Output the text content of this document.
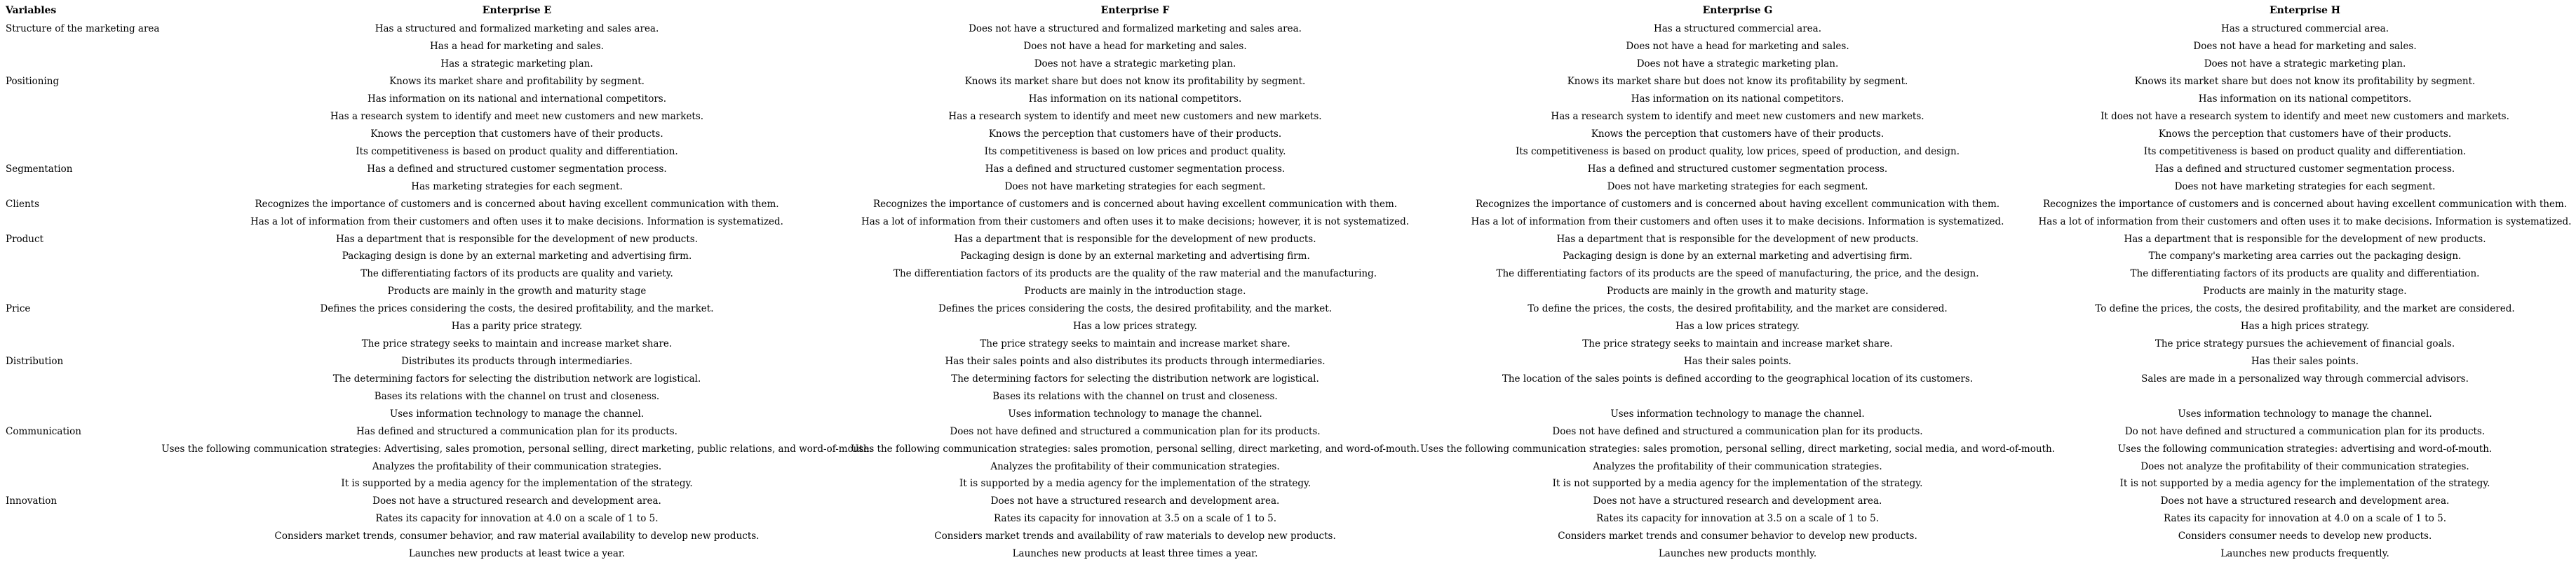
Variables	Enterprise E	Enterprise F	Enterprise G	Enterprise H
Structure of the marketing area	Has a structured and formalized marketing and sales area.	Does not have a structured and formalized marketing and sales area.	Has a structured commercial area.	Has a structured commercial area.

	Has a head for marketing and sales.	Does not have a head for marketing and sales.	Does not have a head for marketing and sales.	Does not have a head for marketing and sales.

	Has a strategic marketing plan.	Does not have a strategic marketing plan.	Does not have a strategic marketing plan.	Does not have a strategic marketing plan.

Positioning	Knows its market share and profitability by segment.	Knows its market share but does not know its profitability by segment.	Knows its market share but does not know its profitability by segment.	Knows its market share but does not know its profitability by segment.

	Has information on its national and international competitors.	Has information on its national competitors.	Has information on its national competitors.	Has information on its national competitors.

	Has a research system to identify and meet new customers and new markets.	Has a research system to identify and meet new customers and new markets.	Has a research system to identify and meet new customers and new markets.	It does not have a research system to identify and meet new customers and markets.

	Knows the perception that customers have of their products.	Knows the perception that customers have of their products.	Knows the perception that customers have of their products.	Knows the perception that customers have of their products.

	Its competitiveness is based on product quality and differentiation.	Its competitiveness is based on low prices and product quality.	Its competitiveness is based on product quality, low prices, speed of production, and design.	Its competitiveness is based on product quality and differentiation.

Segmentation	Has a defined and structured customer segmentation process.	Has a defined and structured customer segmentation process.	Has a defined and structured customer segmentation process.	Has a defined and structured customer segmentation process.

	Has marketing strategies for each segment.	Does not have marketing strategies for each segment.	Does not have marketing strategies for each segment.	Does not have marketing strategies for each segment.

Clients	Recognizes the importance of customers and is concerned about having excellent communication with them.	Recognizes the importance of customers and is concerned about having excellent communication with them.	Recognizes the importance of customers and is concerned about having excellent communication with them.	Recognizes the importance of customers and is concerned about having excellent communication with them.

	Has a lot of information from their customers and often uses it to make decisions. Information is systematized.	Has a lot of information from their customers and often uses it to make decisions; however, it is not systematized.	Has a lot of information from their customers and often uses it to make decisions. Information is systematized.	Has a lot of information from their customers and often uses it to make decisions. Information is systematized.

Product	Has a department that is responsible for the development of new products.	Has a department that is responsible for the development of new products.	Has a department that is responsible for the development of new products.	Has a department that is responsible for the development of new products.

	Packaging design is done by an external marketing and advertising firm.	Packaging design is done by an external marketing and advertising firm.	Packaging design is done by an external marketing and advertising firm.	The company's marketing area carries out the packaging design.

	The differentiating factors of its products are quality and variety.	The differentiation factors of its products are the quality of the raw material and the manufacturing.	The differentiating factors of its products are the speed of manufacturing, the price, and the design.	The differentiating factors of its products are quality and differentiation.

	Products are mainly in the growth and maturity stage	Products are mainly in the introduction stage.	Products are mainly in the growth and maturity stage.	Products are mainly in the maturity stage.

Price	Defines the prices considering the costs, the desired profitability, and the market.	Defines the prices considering the costs, the desired profitability, and the market.	To define the prices, the costs, the desired profitability, and the market are considered.	To define the prices, the costs, the desired profitability, and the market are considered.

	Has a parity price strategy.	Has a low prices strategy.	Has a low prices strategy.	Has a high prices strategy.

	The price strategy seeks to maintain and increase market share.	The price strategy seeks to maintain and increase market share.	The price strategy seeks to maintain and increase market share.	The price strategy pursues the achievement of financial goals.

Distribution	Distributes its products through intermediaries.	Has their sales points and also distributes its products through intermediaries.	Has their sales points.	Has their sales points.

	The determining factors for selecting the distribution network are logistical.	The determining factors for selecting the distribution network are logistical.	The location of the sales points is defined according to the geographical location of its customers.	Sales are made in a personalized way through commercial advisors.

	Bases its relations with the channel on trust and closeness.	Bases its relations with the channel on trust and closeness.		

	Uses information technology to manage the channel.	Uses information technology to manage the channel.	Uses information technology to manage the channel.	Uses information technology to manage the channel.

Communication	Has defined and structured a communication plan for its products.	Does not have defined and structured a communication plan for its products.	Does not have defined and structured a communication plan for its products.	Do not have defined and structured a communication plan for its products.

	Uses the following communication strategies: Advertising, sales promotion, personal selling, direct marketing, public relations, and word-of-mouth.	Uses the following communication strategies: sales promotion, personal selling, direct marketing, and word-of-mouth.	Uses the following communication strategies: sales promotion, personal selling, direct marketing, social media, and word-of-mouth.	Uses the following communication strategies: advertising and word-of-mouth.

	Analyzes the profitability of their communication strategies.	Analyzes the profitability of their communication strategies.	Analyzes the profitability of their communication strategies.	Does not analyze the profitability of their communication strategies.

	It is supported by a media agency for the implementation of the strategy.	It is supported by a media agency for the implementation of the strategy.	It is not supported by a media agency for the implementation of the strategy.	It is not supported by a media agency for the implementation of the strategy.

Innovation	Does not have a structured research and development area.	Does not have a structured research and development area.	Does not have a structured research and development area.	Does not have a structured research and development area.

	Rates its capacity for innovation at 4.0 on a scale of 1 to 5.	Rates its capacity for innovation at 3.5 on a scale of 1 to 5.	Rates its capacity for innovation at 3.5 on a scale of 1 to 5.	Rates its capacity for innovation at 4.0 on a scale of 1 to 5.

	Considers market trends, consumer behavior, and raw material availability to develop new products.	Considers market trends and availability of raw materials to develop new products.	Considers market trends and consumer behavior to develop new products.	Considers consumer needs to develop new products.

	Launches new products at least twice a year.	Launches new products at least three times a year.	Launches new products monthly.	Launches new products frequently.
